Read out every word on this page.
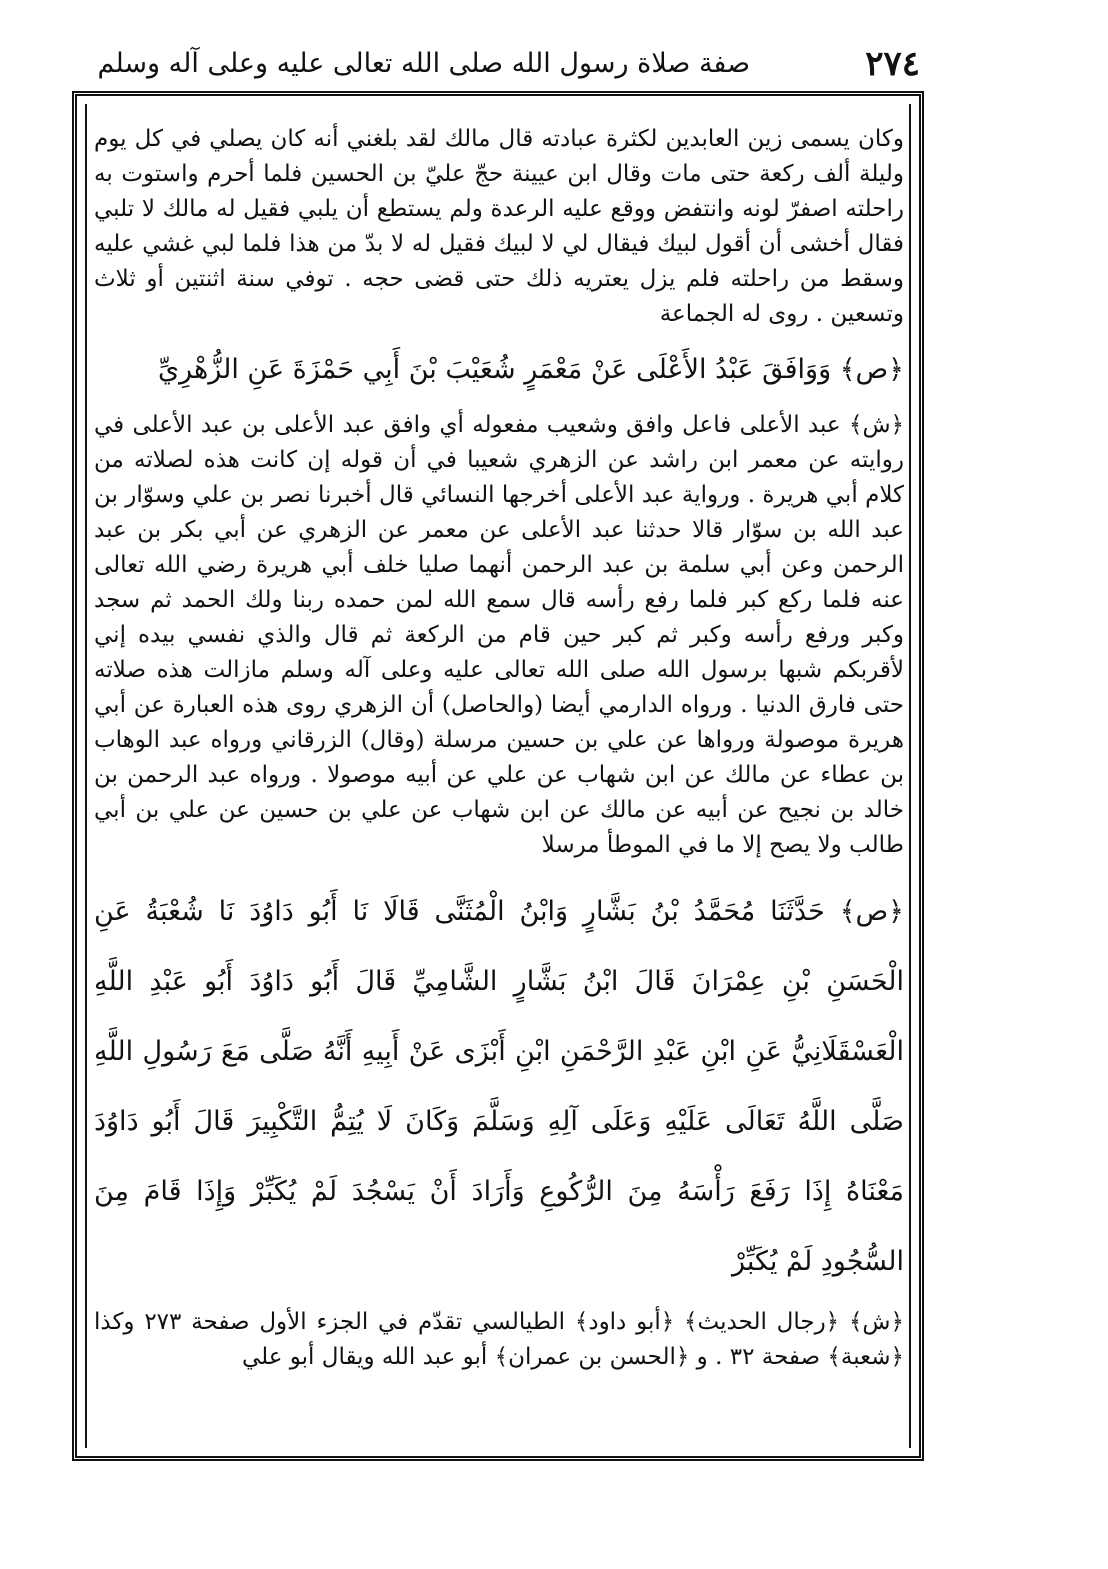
٢٧٤
صفة صلاة رسول الله صلى الله تعالى عليه وعلى آله وسلم

وكان يسمى زين العابدين لكثرة عبادته قال مالك لقد بلغني أنه كان يصلي في كل يوم وليلة ألف ركعة حتى مات وقال ابن عيينة حجّ عليّ بن الحسين فلما أحرم واستوت به راحلته اصفرّ لونه وانتفض ووقع عليه الرعدة ولم يستطع أن يلبي فقيل له مالك لا تلبي فقال أخشى أن أقول لبيك فيقال لي لا لبيك فقيل له لا بدّ من هذا فلما لبي غشي عليه وسقط من راحلته فلم يزل يعتريه ذلك حتى قضى حجه . توفي سنة اثنتين أو ثلاث وتسعين . روى له الجماعة

﴿ص﴾ وَوَافَقَ عَبْدُ الأَعْلَى عَنْ مَعْمَرٍ شُعَيْبَ بْنَ أَبِي حَمْزَةَ عَنِ الزُّهْرِيِّ

﴿ش﴾ عبد الأعلى فاعل وافق وشعيب مفعوله أي وافق عبد الأعلى بن عبد الأعلى في روايته عن معمر ابن راشد عن الزهري شعيبا في أن قوله إن كانت هذه لصلاته من كلام أبي هريرة . ورواية عبد الأعلى أخرجها النسائي قال أخبرنا نصر بن علي وسوّار بن عبد الله بن سوّار قالا حدثنا عبد الأعلى عن معمر عن الزهري عن أبي بكر بن عبد الرحمن وعن أبي سلمة بن عبد الرحمن أنهما صليا خلف أبي هريرة رضي الله تعالى عنه فلما ركع كبر فلما رفع رأسه قال سمع الله لمن حمده ربنا ولك الحمد ثم سجد وكبر ورفع رأسه وكبر ثم كبر حين قام من الركعة ثم قال والذي نفسي بيده إني لأقربكم شبها برسول الله صلى الله تعالى عليه وعلى آله وسلم مازالت هذه صلاته حتى فارق الدنيا . ورواه الدارمي أيضا (والحاصل) أن الزهري روى هذه العبارة عن أبي هريرة موصولة ورواها عن علي بن حسين مرسلة (وقال) الزرقاني ورواه عبد الوهاب بن عطاء عن مالك عن ابن شهاب عن علي عن أبيه موصولا . ورواه عبد الرحمن بن خالد بن نجيح عن أبيه عن مالك عن ابن شهاب عن علي بن حسين عن علي بن أبي طالب ولا يصح إلا ما في الموطأ مرسلا

﴿ص﴾ حَدَّثَنَا مُحَمَّدُ بْنُ بَشَّارٍ وَابْنُ الْمُثَنَّى قَالَا نَا أَبُو دَاوُدَ نَا شُعْبَةُ عَنِ الْحَسَنِ بْنِ عِمْرَانَ قَالَ ابْنُ بَشَّارٍ الشَّامِيِّ قَالَ أَبُو دَاوُدَ أَبُو عَبْدِ اللَّهِ الْعَسْقَلَانِيُّ عَنِ ابْنِ عَبْدِ الرَّحْمَنِ ابْنِ أَبْزَى عَنْ أَبِيهِ أَنَّهُ صَلَّى مَعَ رَسُولِ اللَّهِ صَلَّى اللَّهُ تَعَالَى عَلَيْهِ وَعَلَى آلِهِ وَسَلَّمَ وَكَانَ لَا يُتِمُّ التَّكْبِيرَ قَالَ أَبُو دَاوُدَ مَعْنَاهُ إِذَا رَفَعَ رَأْسَهُ مِنَ الرُّكُوعِ وَأَرَادَ أَنْ يَسْجُدَ لَمْ يُكَبِّرْ وَإِذَا قَامَ مِنَ السُّجُودِ لَمْ يُكَبِّرْ

﴿ش﴾ ﴿رجال الحديث﴾ ﴿أبو داود﴾ الطيالسي تقدّم في الجزء الأول صفحة ٢٧٣ وكذا ﴿شعبة﴾ صفحة ٣٢ . و ﴿الحسن بن عمران﴾ أبو عبد الله ويقال أبو علي
